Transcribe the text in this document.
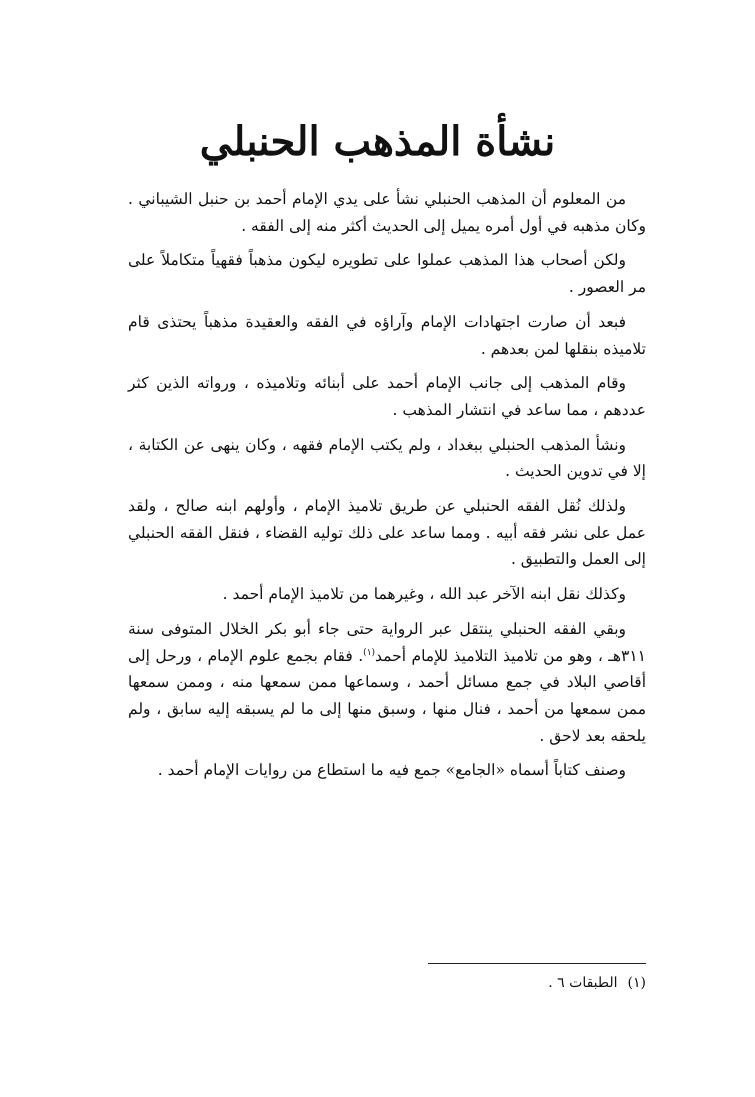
نشأة المذهب الحنبلي

من المعلوم أن المذهب الحنبلي نشأ على يدي الإمام أحمد بن حنبل الشيباني . وكان مذهبه في أول أمره يميل إلى الحديث أكثر منه إلى الفقه .

ولكن أصحاب هذا المذهب عملوا على تطويره ليكون مذهباً فقهياً متكاملاً على مر العصور .

فبعد أن صارت اجتهادات الإمام وآراؤه في الفقه والعقيدة مذهباً يحتذى قام تلاميذه بنقلها لمن بعدهم .

وقام المذهب إلى جانب الإمام أحمد على أبنائه وتلاميذه ، ورواته الذين كثر عددهم ، مما ساعد في انتشار المذهب .

ونشأ المذهب الحنبلي ببغداد ، ولم يكتب الإمام فقهه ، وكان ينهى عن الكتابة ، إلا في تدوين الحديث .

ولذلك نُقل الفقه الحنبلي عن طريق تلاميذ الإمام ، وأولهم ابنه صالح ، ولقد عمل على نشر فقه أبيه . ومما ساعد على ذلك توليه القضاء ، فنقل الفقه الحنبلي إلى العمل والتطبيق .

وكذلك نقل ابنه الآخر عبد الله ، وغيرهما من تلاميذ الإمام أحمد .

وبقي الفقه الحنبلي ينتقل عبر الرواية حتى جاء أبو بكر الخلال المتوفى سنة ٣١١هـ ، وهو من تلاميذ التلاميذ للإمام أحمد$^{(١)}$. فقام بجمع علوم الإمام ، ورحل إلى أقاصي البلاد في جمع مسائل أحمد ، وسماعها ممن سمعها منه ، وممن سمعها ممن سمعها من أحمد ، فنال منها ، وسبق منها إلى ما لم يسبقه إليه سابق ، ولم يلحقه بعد لاحق .

وصنف كتاباً أسماه «الجامع» جمع فيه ما استطاع من روايات الإمام أحمد .

(١)الطبقات ٦ .
